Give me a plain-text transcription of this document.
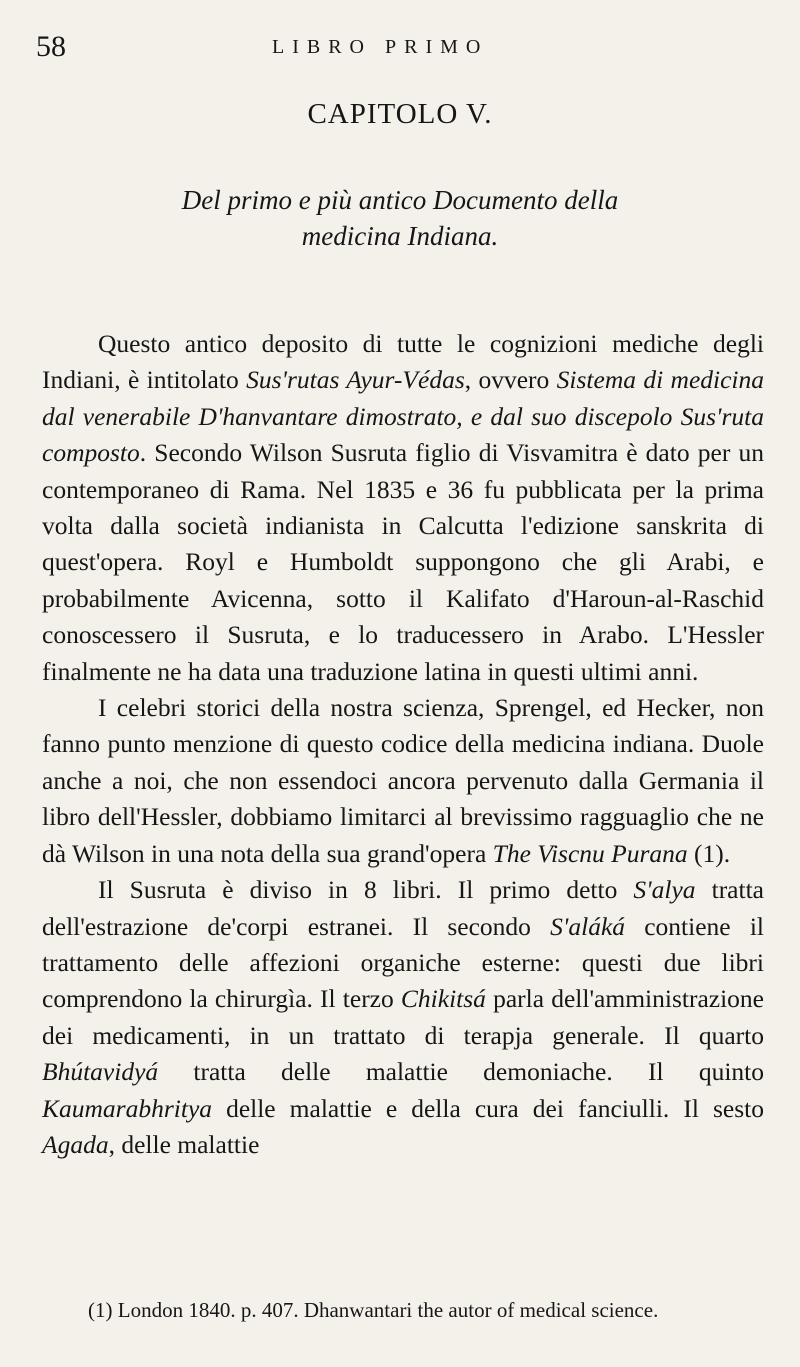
58	LIBRO PRIMO
CAPITOLO V.
Del primo e più antico Documento della
medicina Indiana.

Questo antico deposito di tutte le cognizioni mediche degli Indiani, è intitolato Sus'rutas Ayur-Védas, ovvero Sistema di medicina dal venerabile D'hanvantare dimostrato, e dal suo discepolo Sus'ruta composto. Secondo Wilson Susruta figlio di Visvamitra è dato per un contemporaneo di Rama. Nel 1835 e 36 fu pubblicata per la prima volta dalla società indianista in Calcutta l'edizione sanskrita di quest'opera. Royl e Humboldt suppongono che gli Arabi, e probabilmente Avicenna, sotto il Kalifato d'Haroun-al-Raschid conoscessero il Susruta, e lo traducessero in Arabo. L'Hessler finalmente ne ha data una traduzione latina in questi ultimi anni.

I celebri storici della nostra scienza, Sprengel, ed Hecker, non fanno punto menzione di questo codice della medicina indiana. Duole anche a noi, che non essendoci ancora pervenuto dalla Germania il libro dell'Hessler, dobbiamo limitarci al brevissimo ragguaglio che ne dà Wilson in una nota della sua grand'opera The Viscnu Purana (1).

Il Susruta è diviso in 8 libri. Il primo detto S'alya tratta dell'estrazione de'corpi estranei. Il secondo S'aláká contiene il trattamento delle affezioni organiche esterne: questi due libri comprendono la chirurgìa. Il terzo Chikitsá parla dell'amministrazione dei medicamenti, in un trattato di terapja generale. Il quarto Bhútavidyá tratta delle malattie demoniache. Il quinto Kaumarabhritya delle malattie e della cura dei fanciulli. Il sesto Agada, delle malattie

(1) London 1840. p. 407. Dhanwantari the autor of medical science.
